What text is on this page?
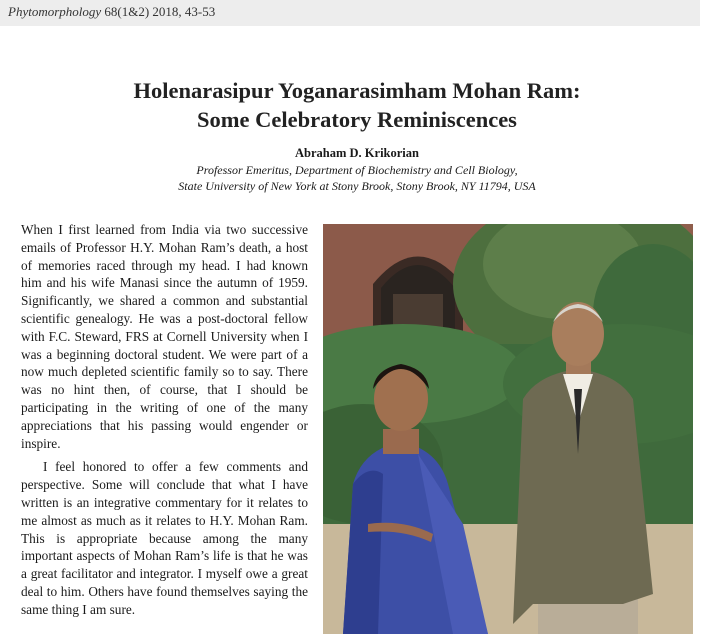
Phytomorphology 68(1&2) 2018, 43-53
Holenarasipur Yoganarasimham Mohan Ram:
Some Celebratory Reminiscences
Abraham D. Krikorian
Professor Emeritus, Department of Biochemistry and Cell Biology,
State University of New York at Stony Brook, Stony Brook, NY 11794, USA

When I first learned from India via two successive emails of Professor H.Y. Mohan Ram’s death, a host of memories raced through my head. I had known him and his wife Manasi since the autumn of 1959. Significantly, we shared a common and substantial scientific genealogy. He was a post-doctoral fellow with F.C. Steward, FRS at Cornell University when I was a beginning doctoral student. We were part of a now much depleted scientific family so to say. There was no hint then, of course, that I should be participating in the writing of one of the many appreciations that his passing would engender or inspire.

I feel honored to offer a few comments and perspective. Some will conclude that what I have written is an integrative commentary for it relates to me almost as much as it relates to H.Y. Mohan Ram. This is appropriate because among the many important aspects of Mohan Ram’s life is that he was a great facilitator and integrator. I myself owe a great deal to him. Others have found themselves saying the same thing I am sure.
